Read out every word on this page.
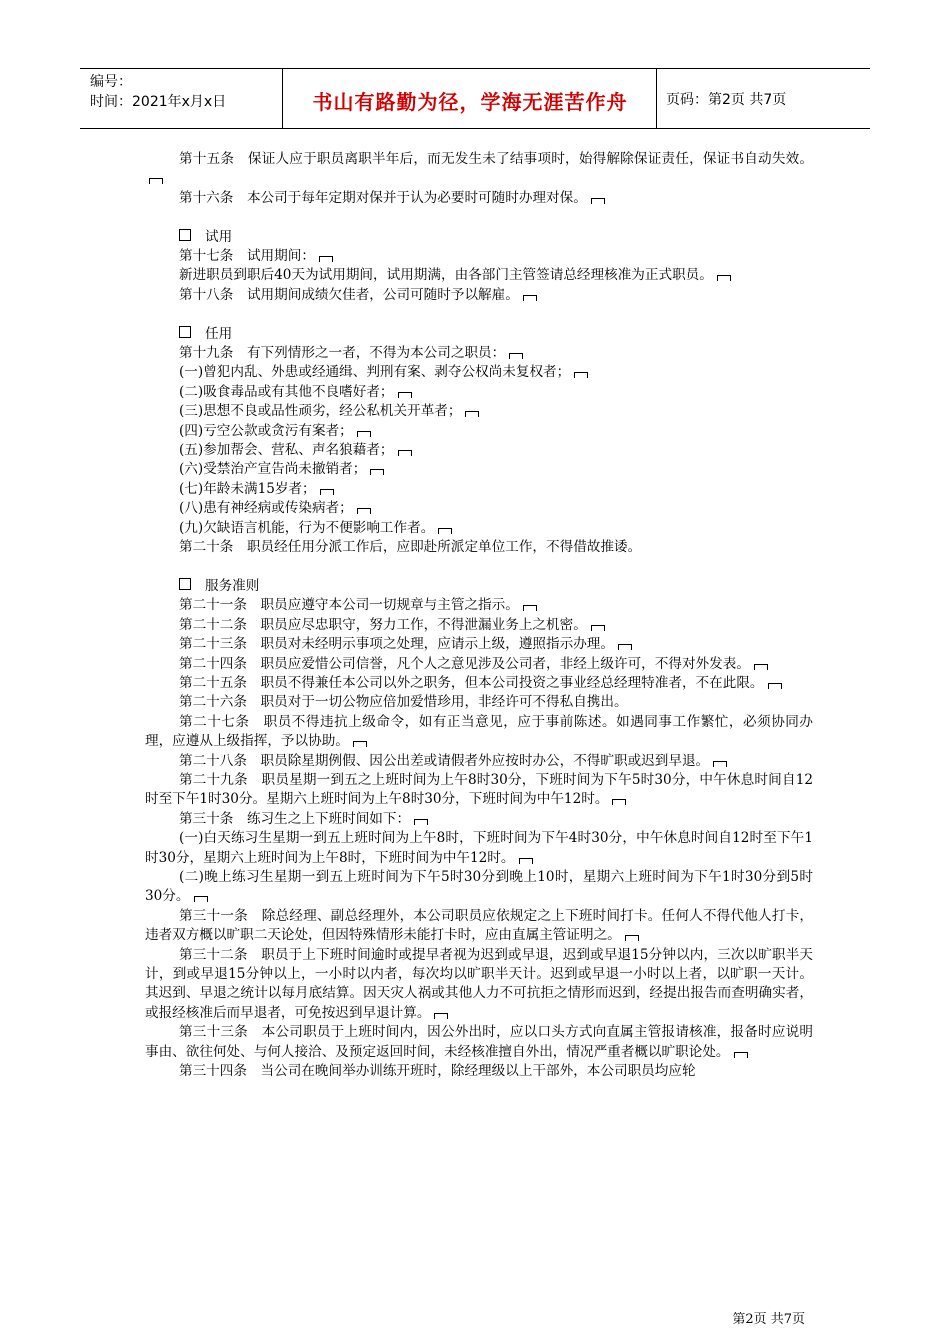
编号：
时间：2021年x月x日	书山有路勤为径，学海无涯苦作舟	页码：第2页 共7页

第十五条　保证人应于职员离职半年后，而无发生未了结事项时，始得解除保证责任，保证书自动失效。

第十六条　本公司于每年定期对保并于认为必要时可随时办理对保。

试用

第十七条　试用期间：

新进职员到职后40天为试用期间，试用期满，由各部门主管签请总经理核准为正式职员。

第十八条　试用期间成绩欠佳者，公司可随时予以解雇。

任用

第十九条　有下列情形之一者，不得为本公司之职员：

(一)曾犯内乱、外患或经通缉、判刑有案、剥夺公权尚未复权者；

(二)吸食毒品或有其他不良嗜好者；

(三)思想不良或品性顽劣，经公私机关开革者；

(四)亏空公款或贪污有案者；

(五)参加帮会、营私、声名狼藉者；

(六)受禁治产宣告尚未撤销者；

(七)年龄未满15岁者；

(八)患有神经病或传染病者；

(九)欠缺语言机能，行为不便影响工作者。

第二十条　职员经任用分派工作后，应即赴所派定单位工作，不得借故推诿。

服务准则

第二十一条　职员应遵守本公司一切规章与主管之指示。

第二十二条　职员应尽忠职守，努力工作，不得泄漏业务上之机密。

第二十三条　职员对未经明示事项之处理，应请示上级，遵照指示办理。

第二十四条　职员应爱惜公司信誉，凡个人之意见涉及公司者，非经上级许可，不得对外发表。

第二十五条　职员不得兼任本公司以外之职务，但本公司投资之事业经总经理特准者，不在此限。

第二十六条　职员对于一切公物应倍加爱惜珍用，非经许可不得私自携出。

第二十七条　职员不得违抗上级命令，如有正当意见，应于事前陈述。如遇同事工作繁忙，必须协同办理，应遵从上级指挥，予以协助。

第二十八条　职员除星期例假、因公出差或请假者外应按时办公，不得旷职或迟到早退。

第二十九条　职员星期一到五之上班时间为上午8时30分，下班时间为下午5时30分，中午休息时间自12时至下午1时30分。星期六上班时间为上午8时30分，下班时间为中午12时。

第三十条　练习生之上下班时间如下：

(一)白天练习生星期一到五上班时间为上午8时，下班时间为下午4时30分，中午休息时间自12时至下午1时30分，星期六上班时间为上午8时，下班时间为中午12时。

(二)晚上练习生星期一到五上班时间为下午5时30分到晚上10时，星期六上班时间为下午1时30分到5时30分。

第三十一条　除总经理、副总经理外，本公司职员应依规定之上下班时间打卡。任何人不得代他人打卡，违者双方概以旷职二天论处，但因特殊情形未能打卡时，应由直属主管证明之。

第三十二条　职员于上下班时间逾时或提早者视为迟到或早退，迟到或早退15分钟以内，三次以旷职半天计，到或早退15分钟以上，一小时以内者，每次均以旷职半天计。迟到或早退一小时以上者，以旷职一天计。其迟到、早退之统计以每月底结算。因天灾人祸或其他人力不可抗拒之情形而迟到，经提出报告而查明确实者，或报经核准后而早退者，可免按迟到早退计算。

第三十三条　本公司职员于上班时间内，因公外出时，应以口头方式向直属主管报请核准，报备时应说明事由、欲往何处、与何人接洽、及预定返回时间，未经核准擅自外出，情况严重者概以旷职论处。

第三十四条　当公司在晚间举办训练开班时，除经理级以上干部外，本公司职员均应轮

第2页 共7页
